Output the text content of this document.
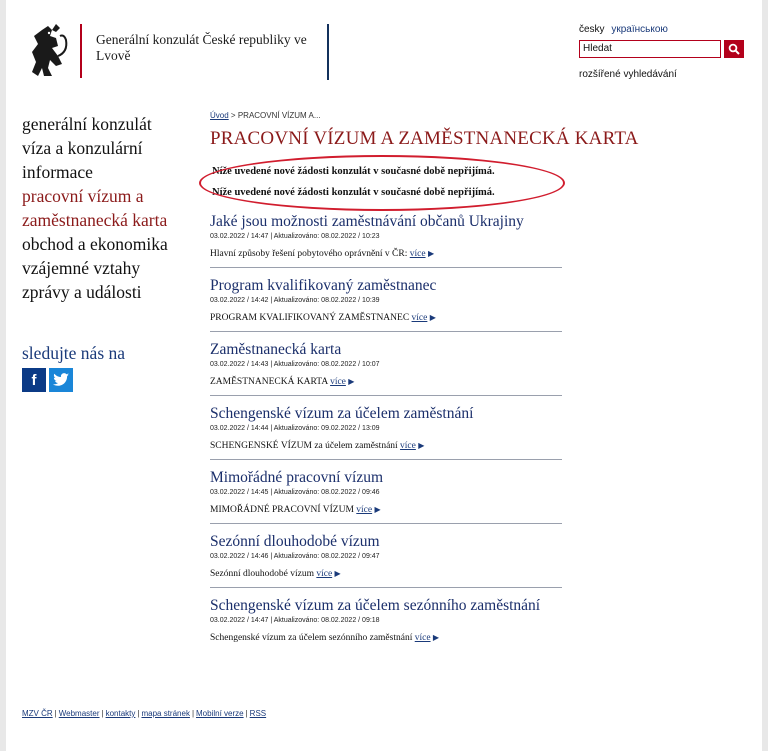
Generální konzulát České republiky ve Lvově
česky українською
Hledat
rozšířené vyhledávání

generální konzulát

víza a konzulární informace

pracovní vízum a zaměstnanecká karta

obchod a ekonomika

vzájemné vztahy

zprávy a události

sledujte nás na
f
Úvod > PRACOVNÍ VÍZUM A...
PRACOVNÍ VÍZUM A ZAMĚSTNANECKÁ KARTA
Níže uvedené nové žádosti konzulát v současné době nepřijímá.
Níže uvedené nové žádosti konzulát v současné době nepřijímá.
Jaké jsou možnosti zaměstnávání občanů Ukrajiny
03.02.2022 / 14:47 | Aktualizováno: 08.02.2022 / 10:23
Hlavní způsoby řešení pobytového oprávnění v ČR: více ▶
Program kvalifikovaný zaměstnanec
03.02.2022 / 14:42 | Aktualizováno: 08.02.2022 / 10:39
PROGRAM KVALIFIKOVANÝ ZAMĚSTNANEC více ▶
Zaměstnanecká karta
03.02.2022 / 14:43 | Aktualizováno: 08.02.2022 / 10:07
ZAMĚSTNANECKÁ KARTA více ▶
Schengenské vízum za účelem zaměstnání
03.02.2022 / 14:44 | Aktualizováno: 09.02.2022 / 13:09
SCHENGENSKÉ VÍZUM za účelem zaměstnání více ▶
Mimořádné pracovní vízum
03.02.2022 / 14:45 | Aktualizováno: 08.02.2022 / 09:46
MIMOŘÁDNÉ PRACOVNÍ VÍZUM více ▶
Sezónní dlouhodobé vízum
03.02.2022 / 14:46 | Aktualizováno: 08.02.2022 / 09:47
Sezónní dlouhodobé vízum více ▶
Schengenské vízum za účelem sezónního zaměstnání
03.02.2022 / 14:47 | Aktualizováno: 08.02.2022 / 09:18
Schengenské vízum za účelem sezónního zaměstnání více ▶
MZV ČR | Webmaster | kontakty | mapa stránek | Mobilní verze | RSS
